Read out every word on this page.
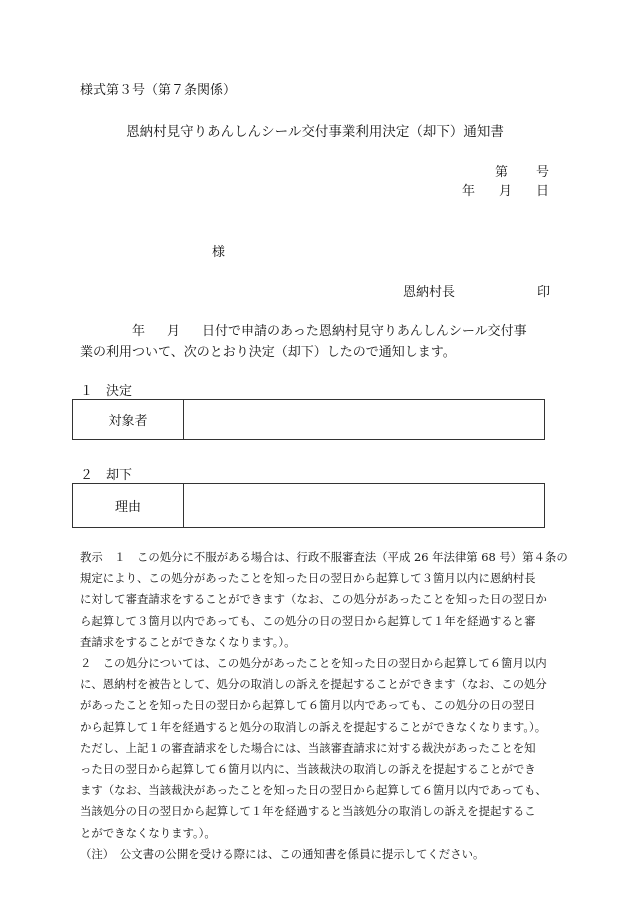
様式第３号（第７条関係）
恩納村見守りあんしんシール交付事業利用決定（却下）通知書
第 号
年 月 日
様
恩納村長	印
年 月 日付で申請のあった恩納村見守りあんしんシール交付事
業の利用ついて、次のとおり決定（却下）したので通知します。
１　決定
対象者
２　却下
理由

教示　１　この処分に不服がある場合は、行政不服審査法（平成 26 年法律第 68 号）第４条の

規定により、この処分があったことを知った日の翌日から起算して３箇月以内に恩納村長

に対して審査請求をすることができます（なお、この処分があったことを知った日の翌日か

ら起算して３箇月以内であっても、この処分の日の翌日から起算して１年を経過すると審

査請求をすることができなくなります。）。

２　この処分については、この処分があったことを知った日の翌日から起算して６箇月以内

に、恩納村を被告として、処分の取消しの訴えを提起することができます（なお、この処分

があったことを知った日の翌日から起算して６箇月以内であっても、この処分の日の翌日

から起算して１年を経過すると処分の取消しの訴えを提起することができなくなります。）。

ただし、上記１の審査請求をした場合には、当該審査請求に対する裁決があったことを知

った日の翌日から起算して６箇月以内に、当該裁決の取消しの訴えを提起することができ

ます（なお、当該裁決があったことを知った日の翌日から起算して６箇月以内であっても、

当該処分の日の翌日から起算して１年を経過すると当該処分の取消しの訴えを提起するこ

とができなくなります。）。

（注）　公文書の公開を受ける際には、この通知書を係員に提示してください。
